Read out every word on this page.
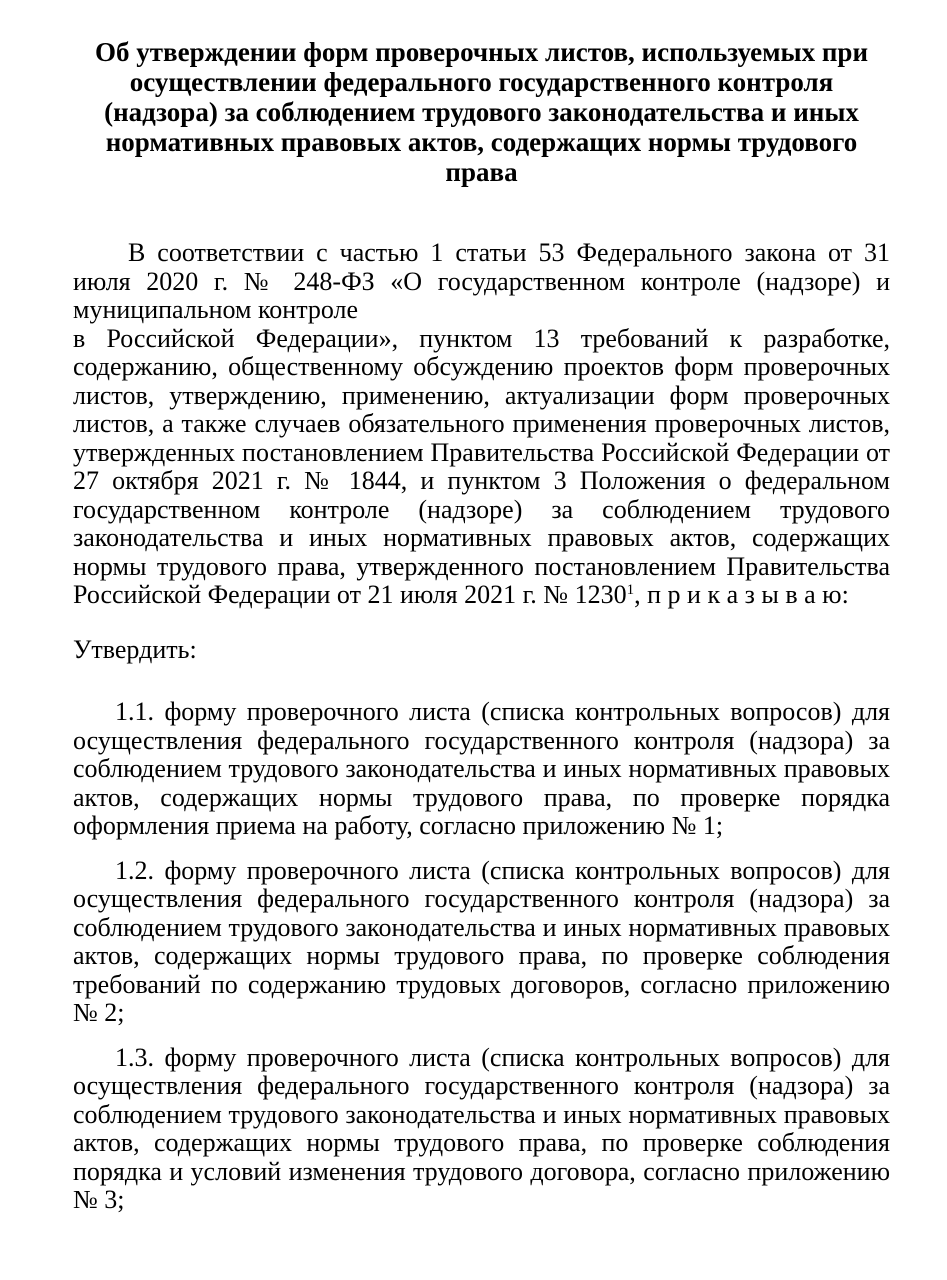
Об утверждении форм проверочных листов, используемых при осуществлении федерального государственного контроля (надзора) за соблюдением трудового законодательства и иных нормативных правовых актов, содержащих нормы трудового права

В соответствии с частью 1 статьи 53 Федерального закона от 31 июля 2020 г. № 248-ФЗ «О государственном контроле (надзоре) и муниципальном контроле

в Российской Федерации», пунктом 13 требований к разработке, содержанию, общественному обсуждению проектов форм проверочных листов, утверждению, применению, актуализации форм проверочных листов, а также случаев обязательного применения проверочных листов, утвержденных постановлением Правительства Российской Федерации от 27 октября 2021 г. № 1844, и пунктом 3 Положения о федеральном государственном контроле (надзоре) за соблюдением трудового законодательства и иных нормативных правовых актов, содержащих нормы трудового права, утвержденного постановлением Правительства Российской Федерации от 21 июля 2021 г. № 1230$^1$, п р и к а з ы в а ю:

Утвердить:

1.1. форму проверочного листа (списка контрольных вопросов) для осуществления федерального государственного контроля (надзора) за соблюдением трудового законодательства и иных нормативных правовых актов, содержащих нормы трудового права, по проверке порядка оформления приема на работу, согласно приложению № 1;

1.2. форму проверочного листа (списка контрольных вопросов) для осуществления федерального государственного контроля (надзора) за соблюдением трудового законодательства и иных нормативных правовых актов, содержащих нормы трудового права, по проверке соблюдения требований по содержанию трудовых договоров, согласно приложению № 2;

1.3. форму проверочного листа (списка контрольных вопросов) для осуществления федерального государственного контроля (надзора) за соблюдением трудового законодательства и иных нормативных правовых актов, содержащих нормы трудового права, по проверке соблюдения порядка и условий изменения трудового договора, согласно приложению № 3;
